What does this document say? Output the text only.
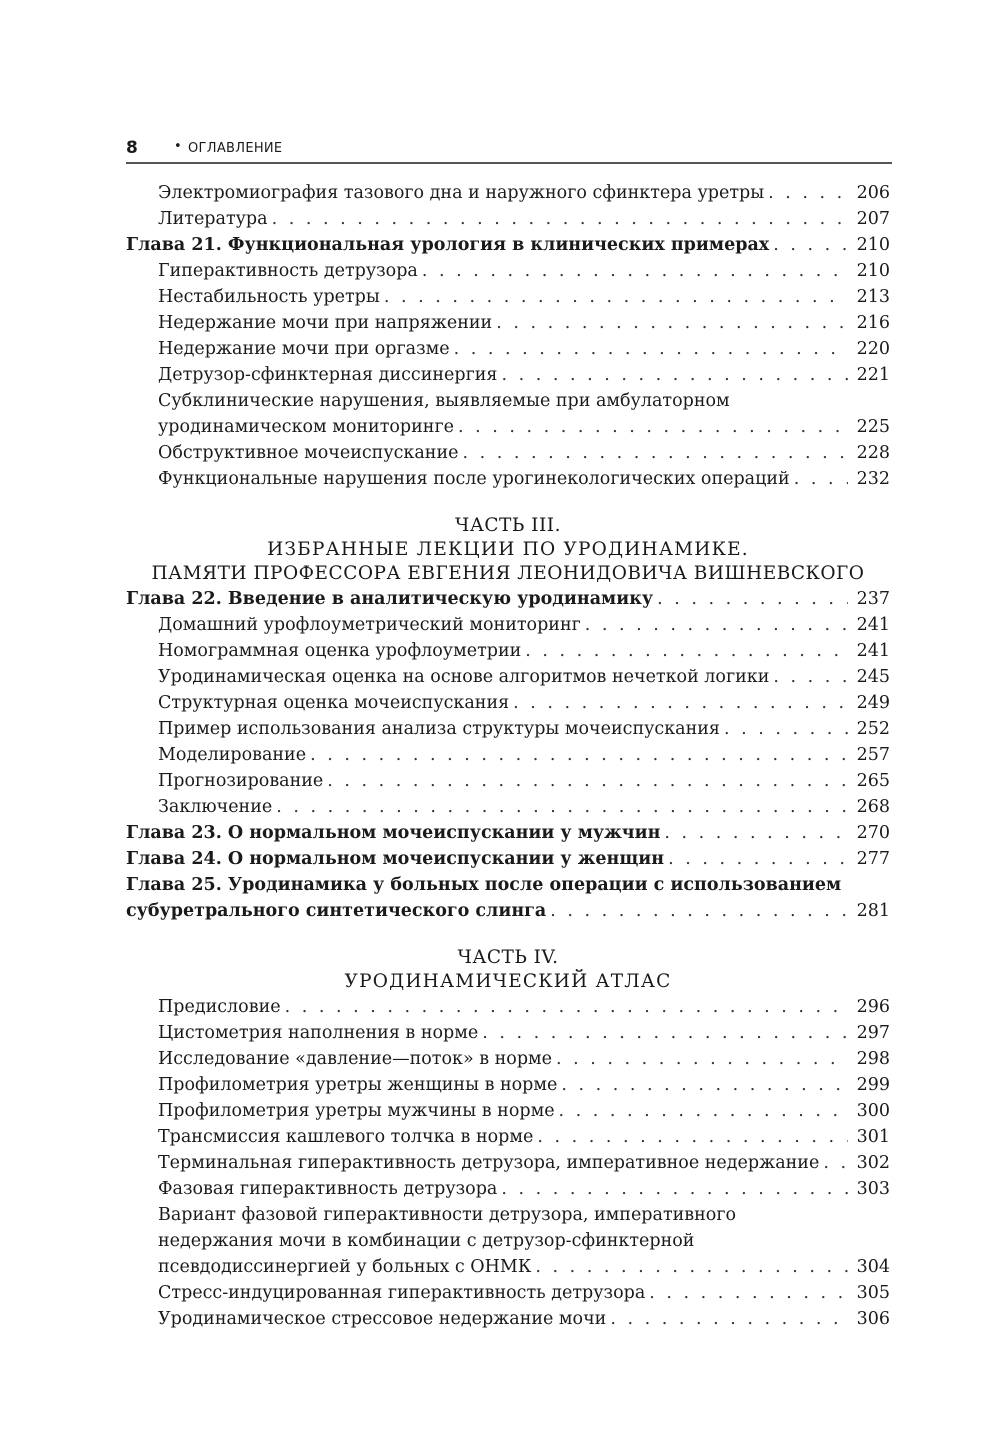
8	• ОГЛАВЛЕНИЕ
Электромиография тазового дна и наружного сфинктера уретры . . .	206
Литература . . .	207
Глава 21. Функциональная урология в клинических примерах . . .	210
Гиперактивность детрузора . . .	210
Нестабильность уретры . . .	213
Недержание мочи при напряжении . . .	216
Недержание мочи при оргазме . . .	220
Детрузор-сфинктерная диссинергия . . .	221
Субклинические нарушения, выявляемые при амбулаторном
уродинамическом мониторинге . . .	225
Обструктивное мочеиспускание . . .	228
Функциональные нарушения после урогинекологических операций . . .	232
ЧАСТЬ III.
ИЗБРАННЫЕ ЛЕКЦИИ ПО УРОДИНАМИКЕ.
ПАМЯТИ ПРОФЕССОРА ЕВГЕНИЯ ЛЕОНИДОВИЧА ВИШНЕВСКОГО
Глава 22. Введение в аналитическую уродинамику . . .	237
Домашний урофлоуметрический мониторинг . . .	241
Номограммная оценка урофлоуметрии . . .	241
Уродинамическая оценка на основе алгоритмов нечеткой логики . . .	245
Структурная оценка мочеиспускания . . .	249
Пример использования анализа структуры мочеиспускания . . .	252
Моделирование . . .	257
Прогнозирование . . .	265
Заключение . . .	268
Глава 23. О нормальном мочеиспускании у мужчин . . .	270
Глава 24. О нормальном мочеиспускании у женщин . . .	277
Глава 25. Уродинамика у больных после операции с использованием
субуретрального синтетического слинга . . .	281
ЧАСТЬ IV.
УРОДИНАМИЧЕСКИЙ АТЛАС
Предисловие . . .	296
Цистометрия наполнения в норме . . .	297
Исследование «давление—поток» в норме . . .	298
Профилометрия уретры женщины в норме . . .	299
Профилометрия уретры мужчины в норме . . .	300
Трансмиссия кашлевого толчка в норме . . .	301
Терминальная гиперактивность детрузора, императивное недержание . . . 302
Фазовая гиперактивность детрузора . . .	303
Вариант фазовой гиперактивности детрузора, императивного
недержания мочи в комбинации с детрузор-сфинктерной
псевдодиссинергией у больных с ОНМК . . .	304
Стресс-индуцированная гиперактивность детрузора . . .	305
Уродинамическое стрессовое недержание мочи . . .	306
